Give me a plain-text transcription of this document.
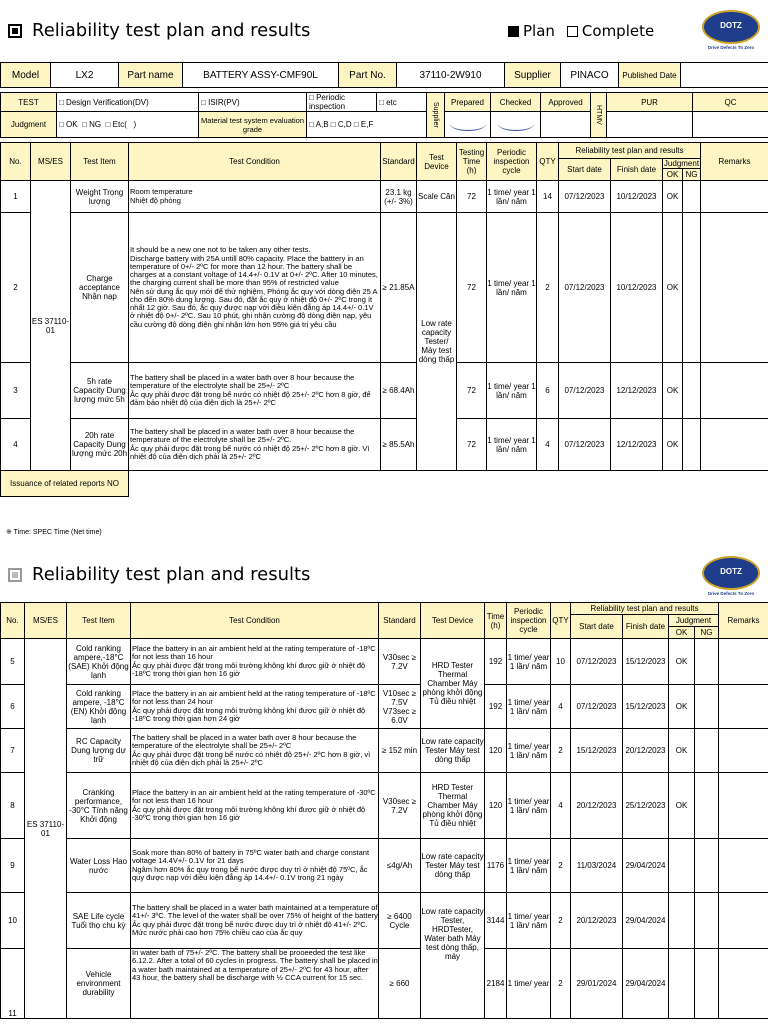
Reliability test plan and results	Plan Complete	DOTZ
Drive Defects To Zero
Model	LX2	Part name	BATTERY ASSY-CMF90L	Part No.	37110-2W910	Supplier	PINACO	Published Date	
TEST	□ Design Verification(DV)	□ ISIR(PV)	□ Periodic inspection	□ etc	Supplier	Prepared	Checked	Approved	HTMV	PUR	QC
Judgment	□ OK □ NG □ Etc( )	Material test system evaluation grade	□ A,B □ C,D □ E,F								
No.	MS/ES	Test Item	Test Condition	Standard	Test Device	Testing Time (h)	Periodic inspection cycle	QTY	Reliability test plan and results				Remarks
									Start date	Finish date	Judgment		
											OK	NG	
1	ES 37110-01	Weight Trọng lượng	Room temperature
Nhiệt độ phòng	23.1 kg (+/- 3%)	Scale Cân	72	1 time/ year 1 lần/ năm	14	07/12/2023	10/12/2023	OK		
2		Charge acceptance Nhận nạp	It should be a new one not to be taken any other tests.
Discharge battery with 25A untill 80% capacity. Place the batttery in an temperature of 0+/- 2ºC for more than 12 hour. The battery shall be charges at a constant voltage of 14.4+/- 0.1V at 0+/- 2ºC. After 10 minutes, the charging current shall be more than 95% of restricted value
Nên sử dụng ắc quy mới để thử nghiệm, Phóng ắc quy với dòng điện 25 A cho đến 80% dung lượng. Sau đó, đặt ắc quy ở nhiệt độ 0+/- 2ºC trong ít nhất 12 giờ. Sau đó, ắc quy được nạp với điều kiện đẳng áp 14.4+/- 0.1V ở nhiệt độ 0+/- 2ºC. Sau 10 phút, ghi nhận cường độ dòng điện nạp, yêu cầu cường độ dòng điện ghi nhận lớn hơn 95% giá trị yêu cầu	≥ 21.85A	Low rate capacity Tester/ Máy test dòng thấp	72	1 time/ year 1 lần/ năm	2	07/12/2023	10/12/2023	OK		
3		5h rate Capacity Dung lượng mức 5h	The battery shall be placed in a water bath over 8 hour because the temperature of the electrolyte shall be 25+/- 2ºC
Ắc quy phải được đặt trong bể nước có nhiệt độ 25+/- 2ºC hơn 8 giờ, để đảm bảo nhiệt độ của điện dịch là 25+/- 2ºC	≥ 68.4Ah		72	1 time/ year 1 lần/ năm	6	07/12/2023	12/12/2023	OK		
4		20h rate Capacity Dung lượng mức 20h	The battery shall be placed in a water bath over 8 hour because the temperature of the electrolyte shall be 25+/- 2ºC.
Ắc quy phải được đặt trong bể nước có nhiệt độ 25+/- 2ºC hơn 8 giờ. Vì nhiệt độ của điện dịch phải là 25+/- 2ºC	≥ 85.5Ah		72	1 time/ year 1 lần/ năm	4	07/12/2023	12/12/2023	OK		
Issuance of related reports NO													
※ Time: SPEC Time (Net time)
Reliability test plan and results	DOTZ
Drive Defects To Zero
No.	MS/ES	Test Item	Test Condition	Standard	Test Device	Time (h)	Periodic inspection cycle	QTY	Reliability test plan and results				Remarks
									Start date	Finish date	Judgment		
											OK	NG	
5	ES 37110-01	Cold ranking ampere,-18°C (SAE) Khởi động lạnh	Place the battery in an air ambient held at the rating temperature of -18ºC for not less than 16 hour
Ắc quy phải được đặt trong môi trường không khí được giữ ở nhiệt độ -18ºC trong thời gian hơn 16 giờ	V30sec ≥ 7.2V	HRD Tester Thermal Chamber Máy phòng khởi động
Tủ điều nhiệt	192	1 time/ year 1 lần/ năm	10	07/12/2023	15/12/2023	OK		
6		Cold ranking ampere, -18°C (EN) Khởi động lạnh	Place the battery in an air ambient held at the rating temperature of -18ºC for not less than 24 hour
Ắc quy phải được đặt trong môi trường không khí được giữ ở nhiệt độ -18ºC trong thời gian hơn 24 giờ	V10sec ≥ 7.5V V73sec ≥ 6.0V		192	1 time/ year 1 lần/ năm	4	07/12/2023	15/12/2023	OK		
7		RC Capacity Dung lượng dự trữ	The battery shall be placed in a water bath over 8 hour because the temperature of the electrolyte shall be 25+/- 2ºC
Ắc quy phải được đặt trong bể nước có nhiệt độ 25+/- 2ºC hơn 8 giờ, vì nhiệt độ của điện dịch phải là 25+/- 2ºC	≥ 152 min	Low rate capacity Tester Máy test dòng thấp	120	1 time/ year 1 lần/ năm	2	15/12/2023	20/12/2023	OK		
8		Cranking performance, -30°C Tính năng Khởi động	Place the battery in an air ambient held at the rating temperature of -30ºC for not less than 16 hour
Ắc quy phải được đặt trong môi trường không khí được giữ ở nhiệt độ -30ºC trong thời gian hơn 16 giờ	V30sec ≥ 7.2V	HRD Tester Thermal Chamber Máy phòng khởi động Tủ điều nhiệt	120	1 time/ year 1 lần/ năm	4	20/12/2023	25/12/2023	OK		
9		Water Loss Hao nước	Soak more than 80% of battery in 75ºC water bath and charge constant voltage 14.4V+/- 0.1V for 21 days
Ngâm hơn 80% ắc quy trong bể nước được duy trì ở nhiệt độ 75ºC, ắc quy được nạp với điều kiện đẳng áp 14.4+/- 0.1V trong 21 ngày	≤4g/Ah	Low rate capacity Tester Máy test dòng thấp	1176	1 time/ year 1 lần/ năm	2	11/03/2024	29/04/2024			
10		SAE Life cycle Tuổi thọ chu kỳ	The battery shall be placed in a water bath maintained at a temperature of 41+/- 3ºC. The level of the water shall be over 75% of height of the battery
Ắc quy phải được đặt trong bể nước được duy trì ở nhiệt độ 41+/- 2ºC. Mức nước phải cao hơn 75% chiều cao của ắc quy	≥ 6400 Cycle	Low rate capacity Tester, HRDTester, Water bath Máy test dòng thấp, máy	3144	1 time/ year 1 lần/ năm	2	20/12/2023	29/04/2024			
11		Vehicle environment durability	In water bath of 75+/- 2ºC. The battery shall be prooeeded the test like 6.12.2. After a total of 60 cycles in progress. The battery shall be placed in a water bath maintained at a temperature of 25+/- 2ºC for 43 hour, after 43 hour, the battery shall be discharge with ½ CCA current for 15 sec.	≥ 660		2184	1 time/ year	2	29/01/2024	29/04/2024			
